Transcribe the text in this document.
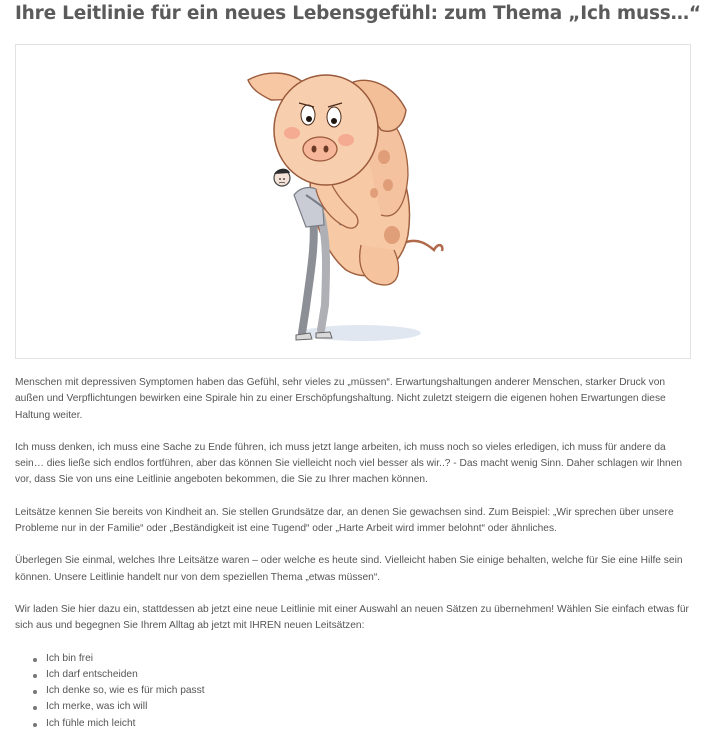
Ihre Leitlinie für ein neues Lebensgefühl: zum Thema „Ich muss…“

Menschen mit depressiven Symptomen haben das Gefühl, sehr vieles zu „müssen“. Erwartungshaltungen anderer Menschen, starker Druck von außen und Verpflichtungen bewirken eine Spirale hin zu einer Erschöpfungshaltung. Nicht zuletzt steigern die eigenen hohen Erwartungen diese Haltung weiter.

Ich muss denken, ich muss eine Sache zu Ende führen, ich muss jetzt lange arbeiten, ich muss noch so vieles erledigen, ich muss für andere da sein… dies ließe sich endlos fortführen, aber das können Sie vielleicht noch viel besser als wir..? - Das macht wenig Sinn. Daher schlagen wir Ihnen vor, dass Sie von uns eine Leitlinie angeboten bekommen, die Sie zu Ihrer machen können.

Leitsätze kennen Sie bereits von Kindheit an. Sie stellen Grundsätze dar, an denen Sie gewachsen sind. Zum Beispiel: „Wir sprechen über unsere Probleme nur in der Familie“ oder „Beständigkeit ist eine Tugend“ oder „Harte Arbeit wird immer belohnt“ oder ähnliches.

Überlegen Sie einmal, welches Ihre Leitsätze waren – oder welche es heute sind. Vielleicht haben Sie einige behalten, welche für Sie eine Hilfe sein können. Unsere Leitlinie handelt nur von dem speziellen Thema „etwas müssen“.

Wir laden Sie hier dazu ein, stattdessen ab jetzt eine neue Leitlinie mit einer Auswahl an neuen Sätzen zu übernehmen! Wählen Sie einfach etwas für sich aus und begegnen Sie Ihrem Alltag ab jetzt mit IHREN neuen Leitsätzen:

Ich bin frei
Ich darf entscheiden
Ich denke so, wie es für mich passt
Ich merke, was ich will
Ich fühle mich leicht
